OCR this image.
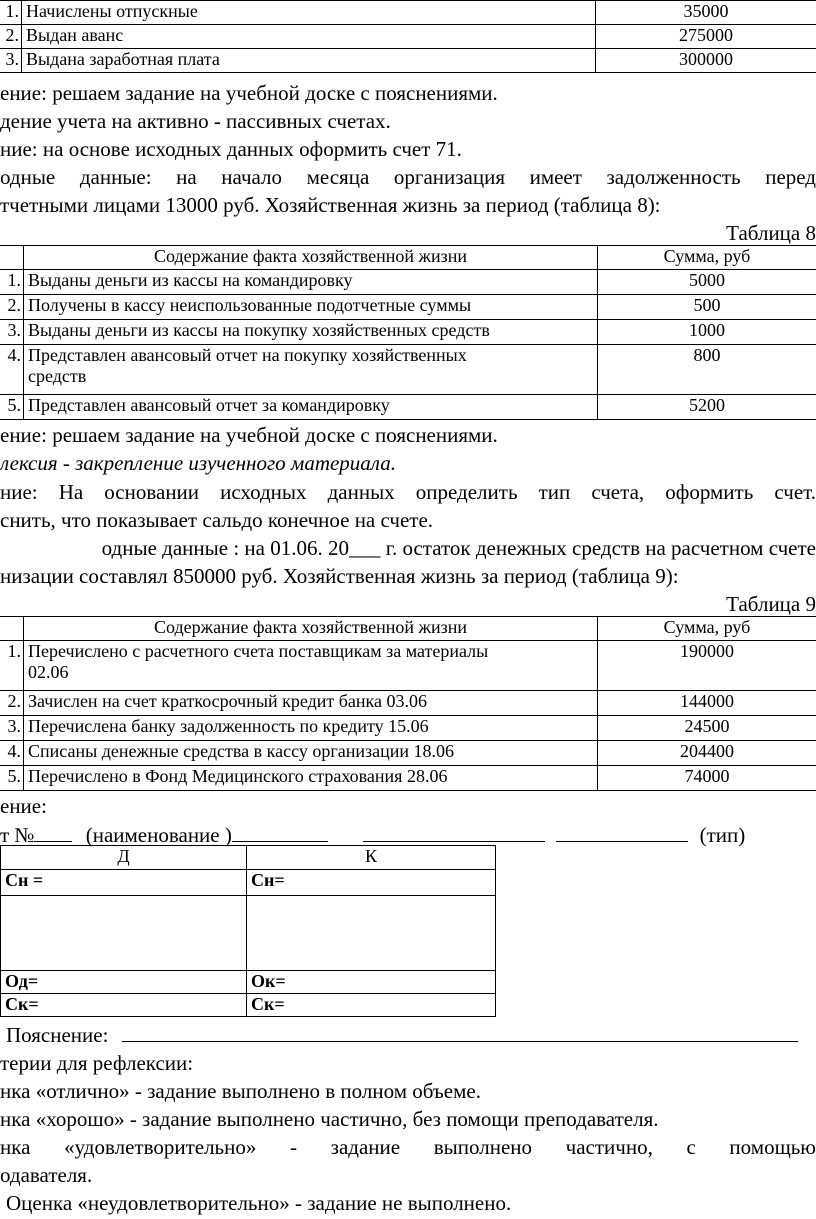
1.	Начислены отпускные	35000
2.	Выдан аванс	275000
3.	Выдана заработная плата	300000
ение: решаем задание на учебной доске с пояснениями.
дение учета на активно - пассивных счетах.
ние: на основе исходных данных оформить счет 71.
одные данные: на начало месяца организация имеет задолженность перед
тчетными лицами 13000 руб. Хозяйственная жизнь за период (таблица 8):
Таблица 8
	Содержание факта хозяйственной жизни	Сумма, руб
1.	Выданы деньги из кассы на командировку	5000
2.	Получены в кассу неиспользованные подотчетные суммы	500
3.	Выданы деньги из кассы на покупку хозяйственных средств	1000
4.	Представлен авансовый отчет на покупку хозяйственных
средств	800
5.	Представлен авансовый отчет за командировку	5200
ение: решаем задание на учебной доске с пояснениями.
лексия - закрепление изученного материала.
ние: На основании исходных данных определить тип счета, оформить счет.
снить, что показывает сальдо конечное на счете.
одные данные : на 01.06. 20___ г. остаток денежных средств на расчетном счете
низации составлял 850000 руб. Хозяйственная жизнь за период (таблица 9):
Таблица 9
	Содержание факта хозяйственной жизни	Сумма, руб
1.	Перечислено с расчетного счета поставщикам за материалы
02.06	190000
2.	Зачислен на счет краткосрочный кредит банка 03.06	144000
3.	Перечислена банку задолженность по кредиту 15.06	24500
4.	Списаны денежные средства в кассу организации 18.06	204400
5.	Перечислено в Фонд Медицинского страхования 28.06	74000
ение:
т № (наименование )	(тип)
Д	К
Сн =	Сн=

Од=	Ок=
Ск=	Ск=
Пояснение:
терии для рефлексии:
нка «отлично» - задание выполнено в полном объеме.
нка «хорошо» - задание выполнено частично, без помощи преподавателя.
нка «удовлетворительно» - задание выполнено частично, с помощью
одавателя.
Оценка «неудовлетворительно» - задание не выполнено.
